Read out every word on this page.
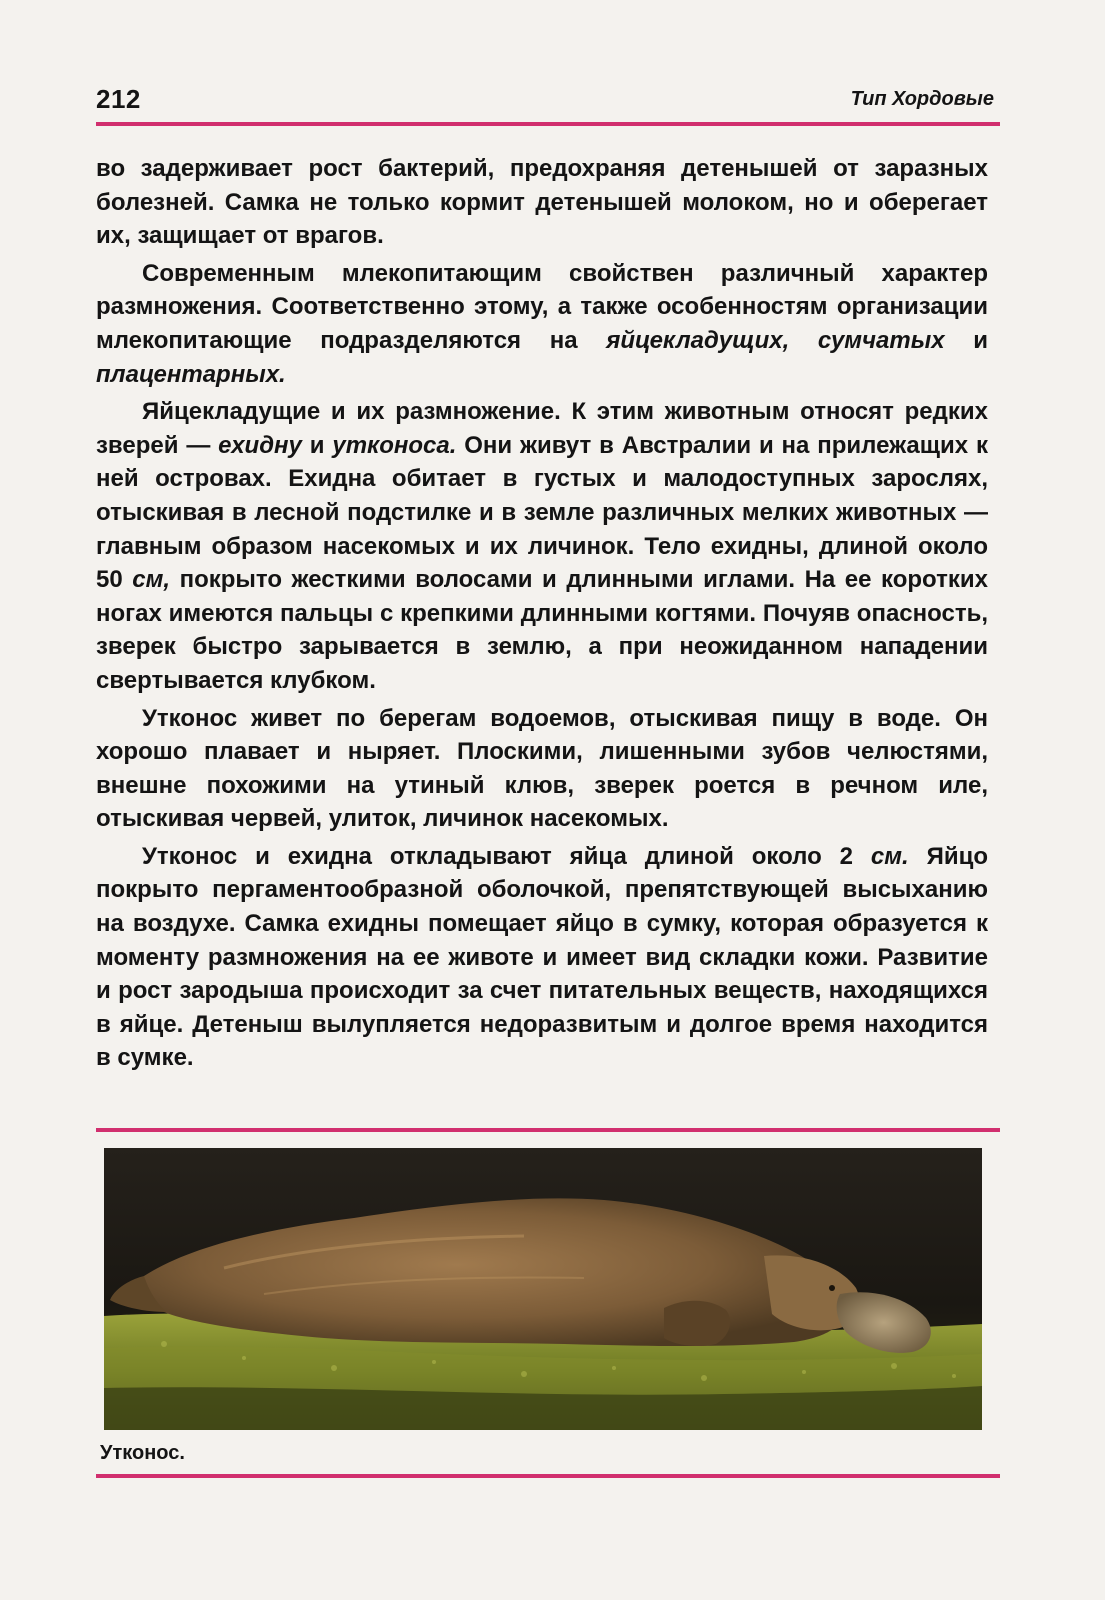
212	Тип Хордовые

во задерживает рост бактерий, предохраняя детенышей от заразных болезней. Самка не только кормит детенышей молоком, но и оберегает их, защищает от врагов.

Современным млекопитающим свойствен различный характер размножения. Соответственно этому, а также особенностям организации млекопитающие подразделяются на яйцекладущих, сумчатых и плацентарных.

Яйцекладущие и их размножение. К этим животным относят редких зверей — ехидну и утконоса. Они живут в Австралии и на прилежащих к ней островах. Ехидна обитает в густых и малодоступных зарослях, отыскивая в лесной подстилке и в земле различных мелких животных — главным образом насекомых и их личинок. Тело ехидны, длиной около 50 см, покрыто жесткими волосами и длинными иглами. На ее коротких ногах имеются пальцы с крепкими длинными когтями. Почуяв опасность, зверек быстро зарывается в землю, а при неожиданном нападении свертывается клубком.

Утконос живет по берегам водоемов, отыскивая пищу в воде. Он хорошо плавает и ныряет. Плоскими, лишенными зубов челюстями, внешне похожими на утиный клюв, зверек роется в речном иле, отыскивая червей, улиток, личинок насекомых.

Утконос и ехидна откладывают яйца длиной около 2 см. Яйцо покрыто пергаментообразной оболочкой, препятствующей высыханию на воздухе. Самка ехидны помещает яйцо в сумку, которая образуется к моменту размножения на ее животе и имеет вид складки кожи. Развитие и рост зародыша происходит за счет питательных веществ, находящихся в яйце. Детеныш вылупляется недоразвитым и долгое время находится в сумке.

Утконос.
